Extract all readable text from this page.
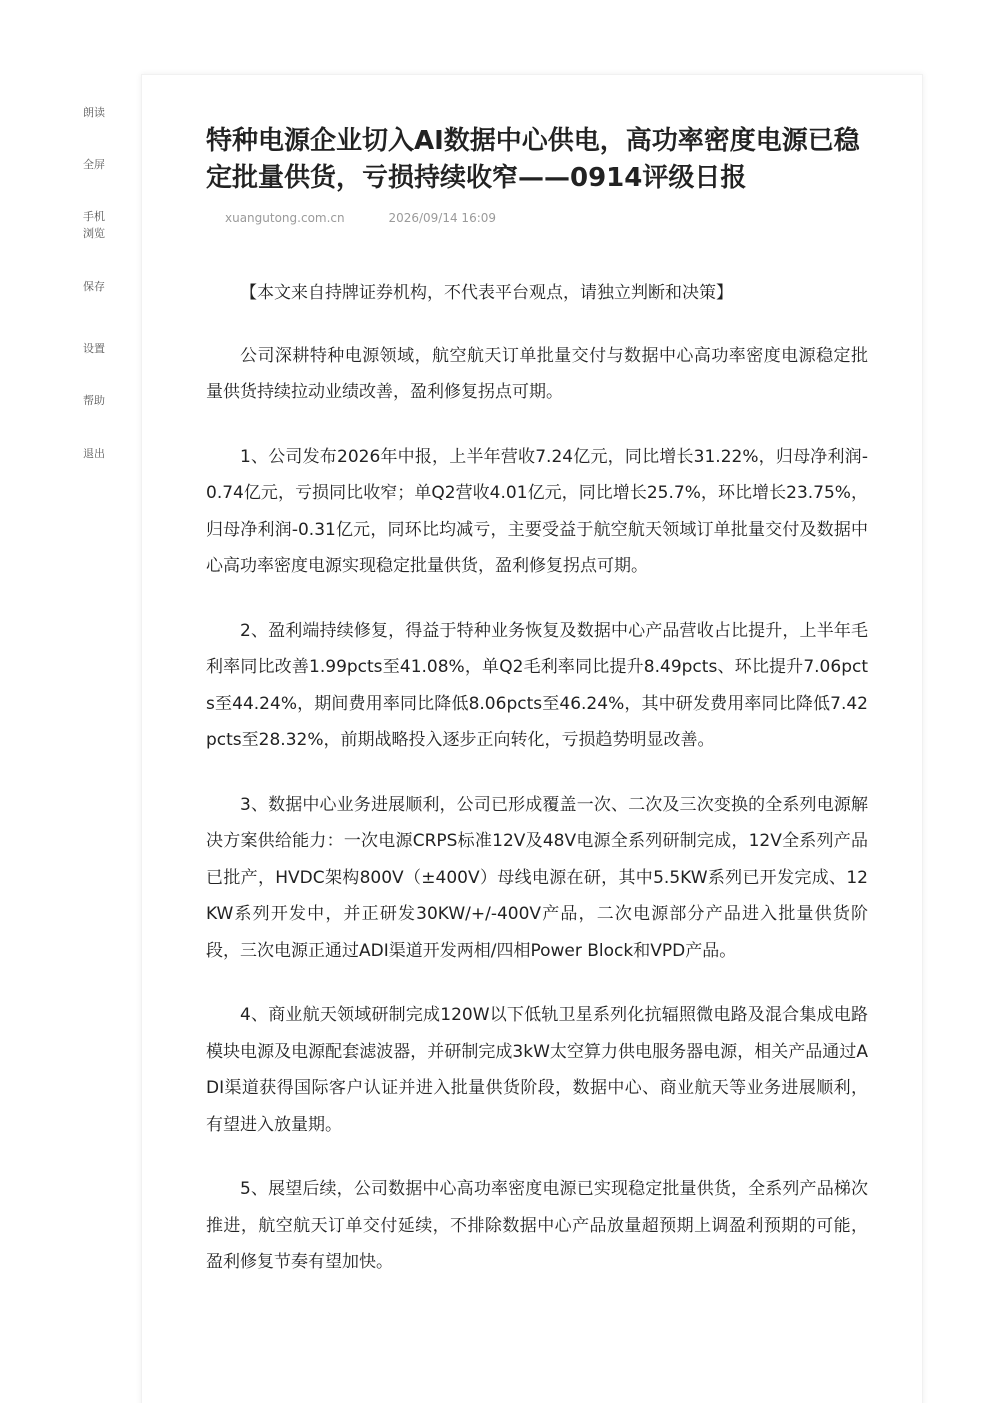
朗读
全屏
手机
浏览
保存
设置
帮助
退出
特种电源企业切入AI数据中心供电，高功率密度电源已稳定批量供货，亏损持续收窄——0914评级日报
xuangutong.com.cn	2026/09/14 16:09

【本文来自持牌证券机构，不代表平台观点，请独立判断和决策】

公司深耕特种电源领域，航空航天订单批量交付与数据中心高功率密度电源稳定批量供货持续拉动业绩改善，盈利修复拐点可期。

1、公司发布2026年中报，上半年营收7.24亿元，同比增长31.22%，归母净利润-0.74亿元，亏损同比收窄；单Q2营收4.01亿元，同比增长25.7%，环比增长23.75%，归母净利润-0.31亿元，同环比均减亏，主要受益于航空航天领域订单批量交付及数据中心高功率密度电源实现稳定批量供货，盈利修复拐点可期。

2、盈利端持续修复，得益于特种业务恢复及数据中心产品营收占比提升，上半年毛利率同比改善1.99pcts至41.08%，单Q2毛利率同比提升8.49pcts、环比提升7.06pcts至44.24%，期间费用率同比降低8.06pcts至46.24%，其中研发费用率同比降低7.42pcts至28.32%，前期战略投入逐步正向转化，亏损趋势明显改善。

3、数据中心业务进展顺利，公司已形成覆盖一次、二次及三次变换的全系列电源解决方案供给能力：一次电源CRPS标准12V及48V电源全系列研制完成，12V全系列产品已批产，HVDC架构800V（±400V）母线电源在研，其中5.5KW系列已开发完成、12KW系列开发中，并正研发30KW/+/-400V产品，二次电源部分产品进入批量供货阶段，三次电源正通过ADI渠道开发两相/四相Power Block和VPD产品。

4、商业航天领域研制完成120W以下低轨卫星系列化抗辐照微电路及混合集成电路模块电源及电源配套滤波器，并研制完成3kW太空算力供电服务器电源，相关产品通过ADI渠道获得国际客户认证并进入批量供货阶段，数据中心、商业航天等业务进展顺利，有望进入放量期。

5、展望后续，公司数据中心高功率密度电源已实现稳定批量供货，全系列产品梯次推进，航空航天订单交付延续，不排除数据中心产品放量超预期上调盈利预期的可能，盈利修复节奏有望加快。
